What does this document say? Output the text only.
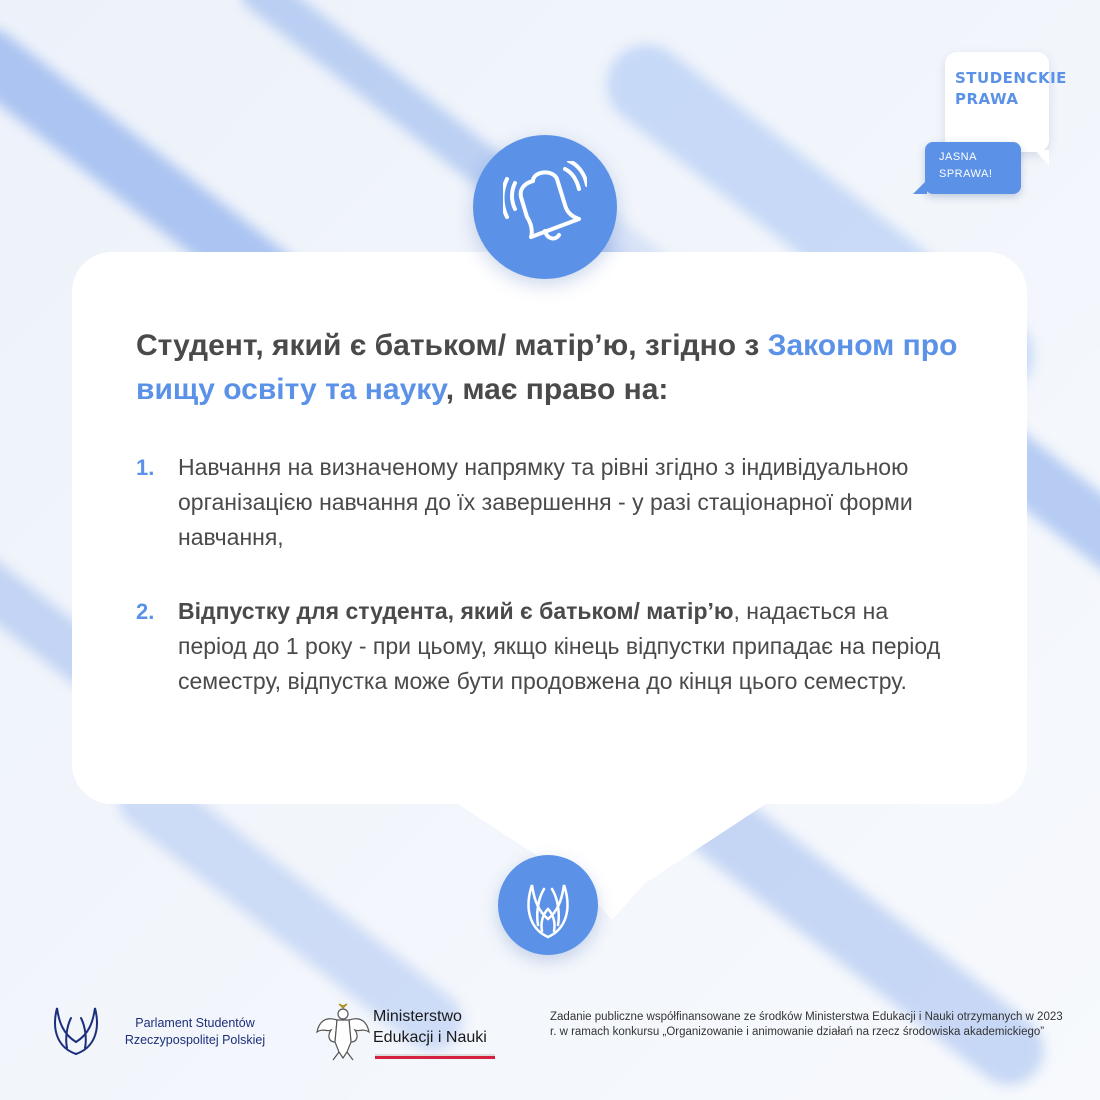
STUDENCKIE
PRAWA
JASNA
SPRAWA!
Студент, який є батьком/ матір’ю, згідно з Законом про вищу освіту та науку, має право на:
1.	Навчання на визначеному напрямку та рівні згідно з індивідуальною організацією навчання до їх завершення - у разі стаціонарної форми навчання,
2.	Відпустку для студента, який є батьком/ матір’ю, надається на період до 1 року - при цьому, якщо кінець відпустки припадає на період семестру, відпустка може бути продовжена до кінця цього семестру.
Parlament Studentów
Rzeczypospolitej Polskiej
Ministerstwo
Edukacji i Nauki
Zadanie publiczne współfinansowane ze środków Ministerstwa Edukacji i Nauki otrzymanych w 2023 r. w ramach konkursu „Organizowanie i animowanie działań na rzecz środowiska akademickiego”
